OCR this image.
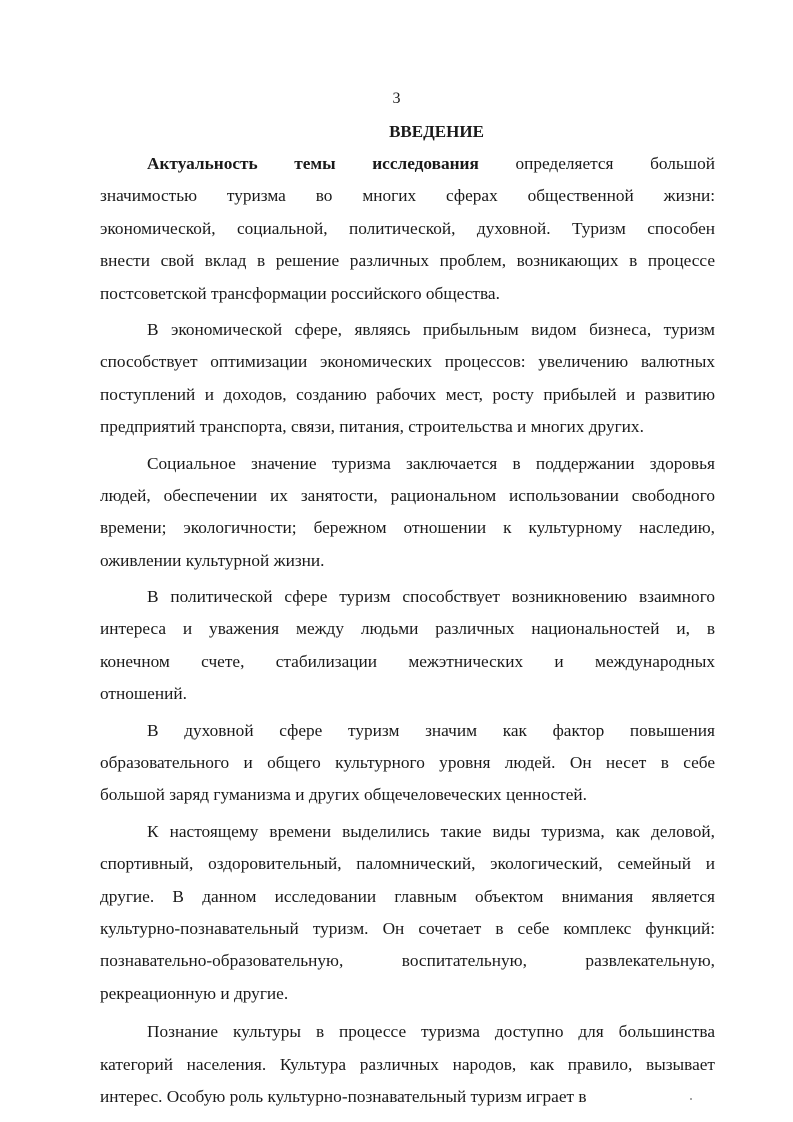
3
ВВЕДЕНИЕ
Актуальность темы исследования определяется большой
значимостью туризма во многих сферах общественной жизни:
экономической, социальной, политической, духовной. Туризм способен
внести свой вклад в решение различных проблем, возникающих в процессе
постсоветской трансформации российского общества.
В экономической сфере, являясь прибыльным видом бизнеса, туризм
способствует оптимизации экономических процессов: увеличению валютных
поступлений и доходов, созданию рабочих мест, росту прибылей и развитию
предприятий транспорта, связи, питания, строительства и многих других.
Социальное значение туризма заключается в поддержании здоровья
людей, обеспечении их занятости, рациональном использовании свободного
времени; экологичности; бережном отношении к культурному наследию,
оживлении культурной жизни.
В политической сфере туризм способствует возникновению взаимного
интереса и уважения между людьми различных национальностей и, в
конечном счете, стабилизации межэтнических и международных
отношений.
В духовной сфере туризм значим как фактор повышения
образовательного и общего культурного уровня людей. Он несет в себе
большой заряд гуманизма и других общечеловеческих ценностей.
К настоящему времени выделились такие виды туризма, как деловой,
спортивный, оздоровительный, паломнический, экологический, семейный и
другие. В данном исследовании главным объектом внимания является
культурно-познавательный туризм. Он сочетает в себе комплекс функций:
познавательно-образовательную, воспитательную, развлекательную,
рекреационную и другие.
Познание культуры в процессе туризма доступно для большинства
категорий населения. Культура различных народов, как правило, вызывает
интерес. Особую роль культурно-познавательный туризм играет в
